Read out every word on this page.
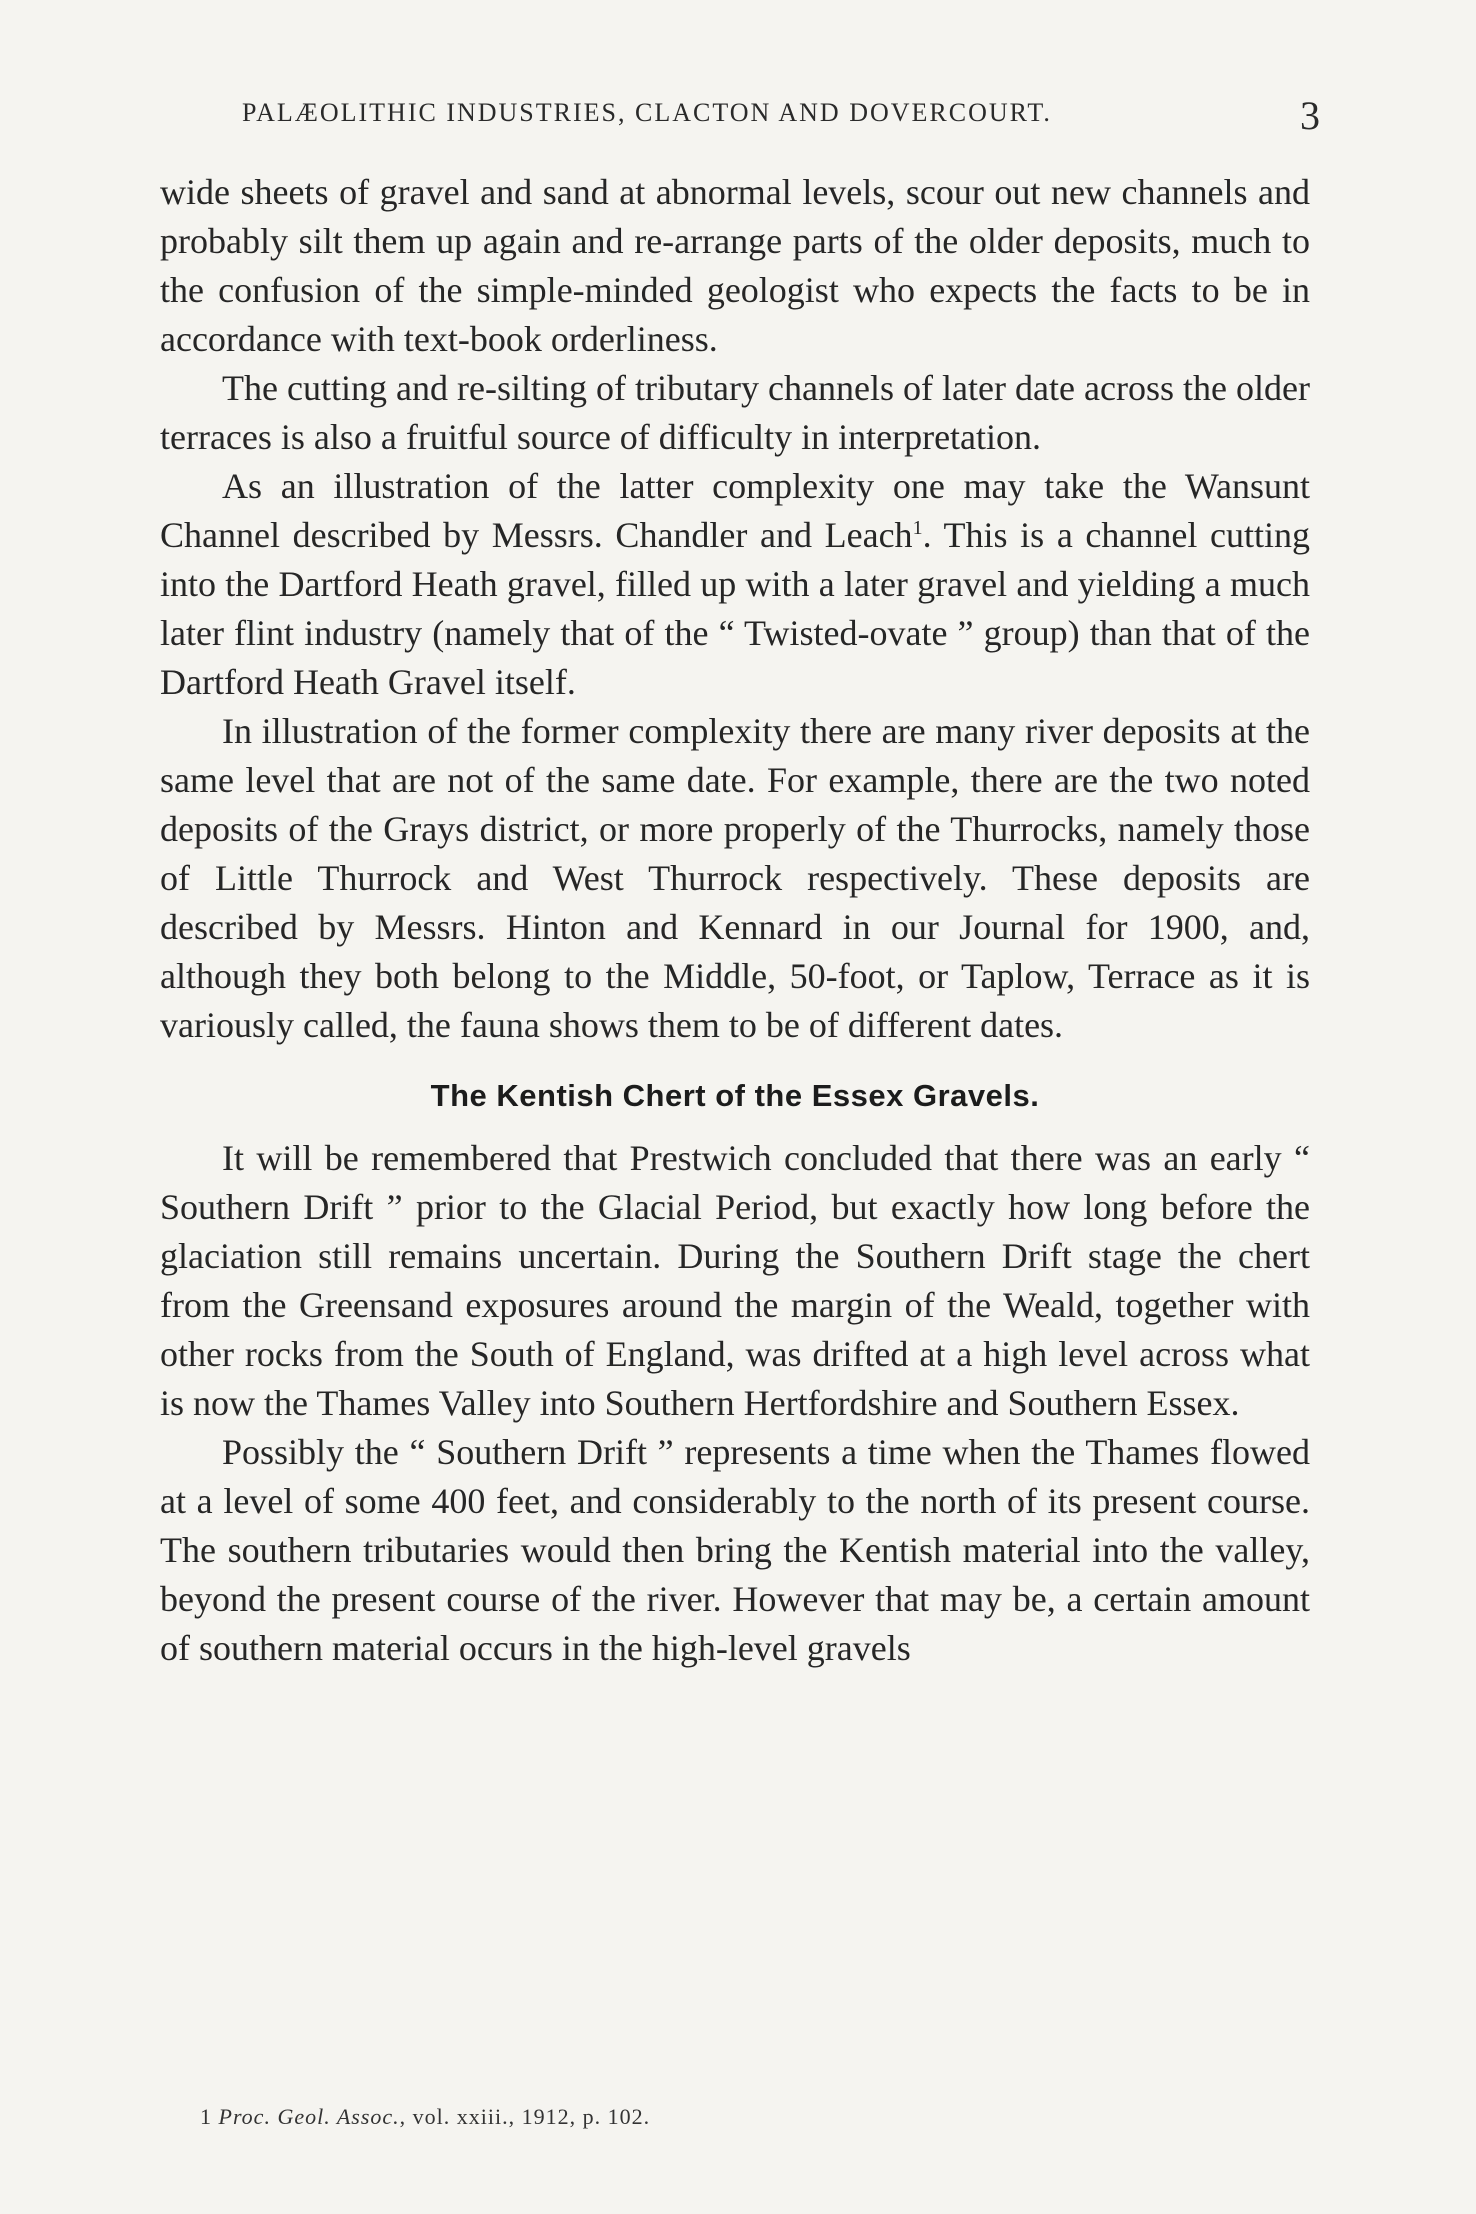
PALÆOLITHIC INDUSTRIES, CLACTON AND DOVERCOURT.	3

wide sheets of gravel and sand at abnormal levels, scour out new channels and probably silt them up again and re-arrange parts of the older deposits, much to the confusion of the simple-minded geologist who expects the facts to be in accordance with text-book orderliness.

The cutting and re-silting of tributary channels of later date across the older terraces is also a fruitful source of difficulty in interpretation.

As an illustration of the latter complexity one may take the Wansunt Channel described by Messrs. Chandler and Leach$^1$. This is a channel cutting into the Dartford Heath gravel, filled up with a later gravel and yielding a much later flint industry (namely that of the “ Twisted-ovate ” group) than that of the Dartford Heath Gravel itself.

In illustration of the former complexity there are many river deposits at the same level that are not of the same date. For example, there are the two noted deposits of the Grays district, or more properly of the Thurrocks, namely those of Little Thurrock and West Thurrock respectively. These deposits are described by Messrs. Hinton and Kennard in our Journal for 1900, and, although they both belong to the Middle, 50-foot, or Taplow, Terrace as it is variously called, the fauna shows them to be of different dates.

The Kentish Chert of the Essex Gravels.

It will be remembered that Prestwich concluded that there was an early “ Southern Drift ” prior to the Glacial Period, but exactly how long before the glaciation still remains uncertain. During the Southern Drift stage the chert from the Greensand exposures around the margin of the Weald, together with other rocks from the South of England, was drifted at a high level across what is now the Thames Valley into Southern Hertfordshire and Southern Essex.

Possibly the “ Southern Drift ” represents a time when the Thames flowed at a level of some 400 feet, and considerably to the north of its present course. The southern tributaries would then bring the Kentish material into the valley, beyond the present course of the river. However that may be, a certain amount of southern material occurs in the high-level gravels

1 Proc. Geol. Assoc., vol. xxiii., 1912, p. 102.
